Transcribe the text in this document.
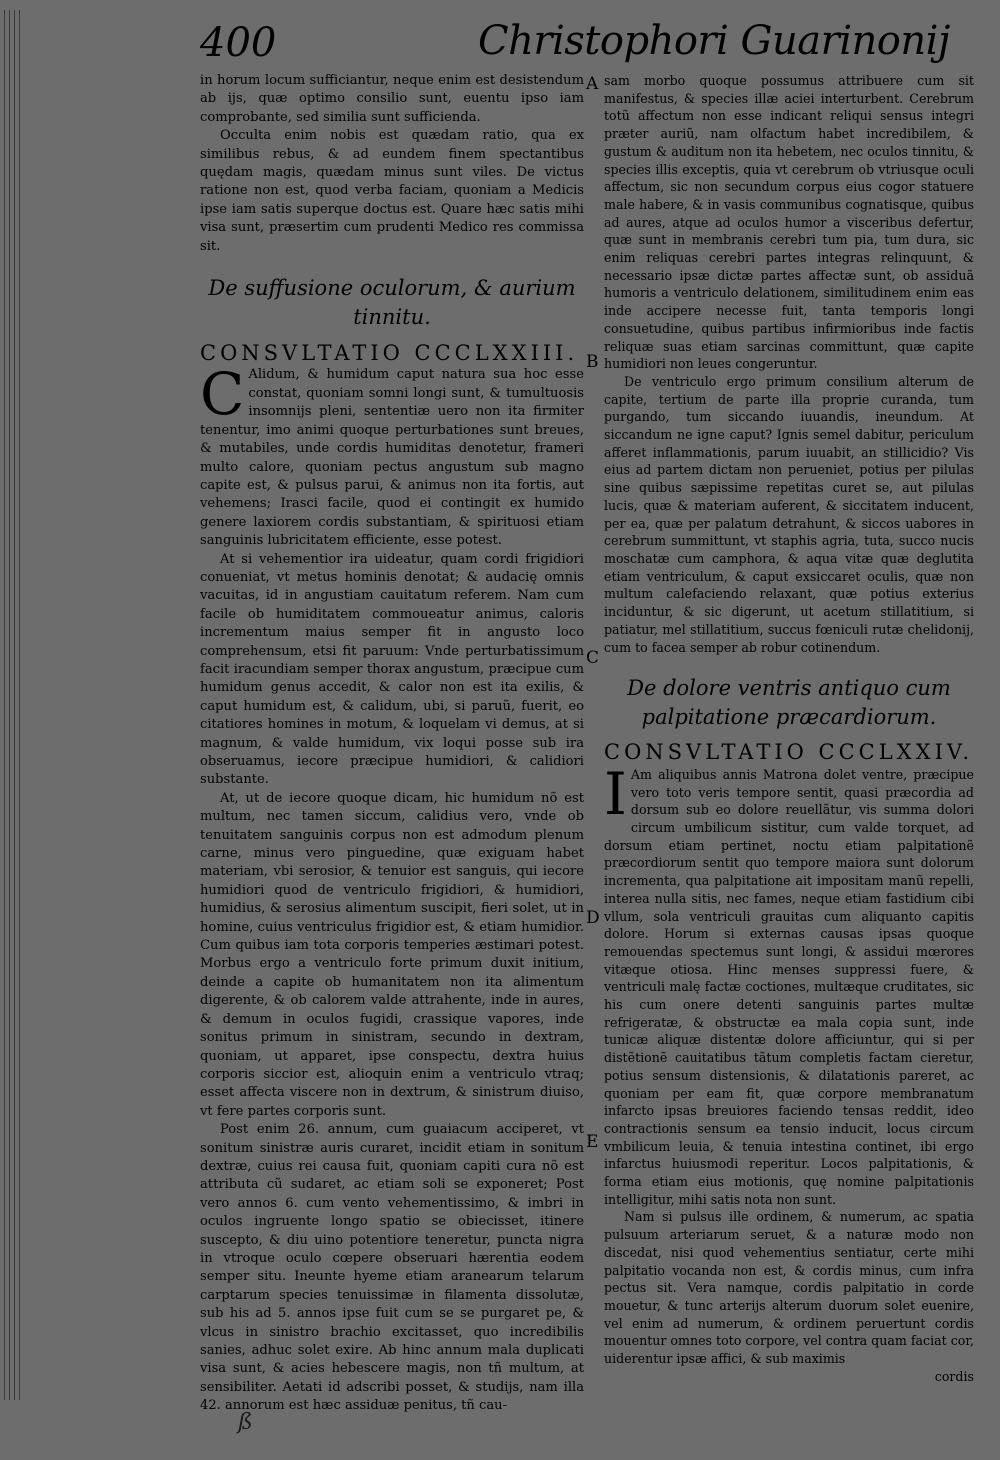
400	Christophori Guarinonij

in horum locum sufficiantur, neque enim est desistendum ab ijs, quæ optimo consilio sunt, euentu ipso iam comprobante, sed similia sunt sufficienda.

Occulta enim nobis est quædam ratio, qua ex similibus rebus, & ad eundem finem spectantibus quędam magis, quædam minus sunt viles. De victus ratione non est, quod verba faciam, quoniam a Medicis ipse iam satis superque doctus est. Quare hæc satis mihi visa sunt, præsertim cum prudenti Medico res commissa sit.

De suffusione oculorum, & aurium tinnitu.
CONSVLTATIO CCCLXXIII.

C Alidum, & humidum caput natura sua hoc esse constat, quoniam somni longi sunt, & tumultuosis insomnijs pleni, sententiæ uero non ita firmiter tenentur, imo animi quoque perturbationes sunt breues, & mutabiles, unde cordis humiditas denotetur, frameri multo calore, quoniam pectus angustum sub magno capite est, & pulsus parui, & animus non ita fortis, aut vehemens; Irasci facile, quod ei contingit ex humido genere laxiorem cordis substantiam, & spirituosi etiam sanguinis lubricitatem efficiente, esse potest.

At si vehementior ira uideatur, quam cordi frigidiori conueniat, vt metus hominis denotat; & audacię omnis vacuitas, id in angustiam cauitatum referem. Nam cum facile ob humiditatem commoueatur animus, caloris incrementum maius semper fit in angusto loco comprehensum, etsi fit paruum: Vnde perturbatissimum facit iracundiam semper thorax angustum, præcipue cum humidum genus accedit, & calor non est ita exilis, & caput humidum est, & calidum, ubi, si paruũ, fuerit, eo citatiores homines in motum, & loquelam vi demus, at si magnum, & valde humidum, vix loqui posse sub ira obseruamus, iecore præcipue humidiori, & calidiori substante.

At, ut de iecore quoque dicam, hic humidum nõ est multum, nec tamen siccum, calidius vero, vnde ob tenuitatem sanguinis corpus non est admodum plenum carne, minus vero pinguedine, quæ exiguam habet materiam, vbi serosior, & tenuior est sanguis, qui iecore humidiori quod de ventriculo frigidiori, & humidiori, humidius, & serosius alimentum suscipit, fieri solet, ut in homine, cuius ventriculus frigidior est, & etiam humidior. Cum quibus iam tota corporis temperies æstimari potest. Morbus ergo a ventriculo forte primum duxit initium, deinde a capite ob humanitatem non ita alimentum digerente, & ob calorem valde attrahente, inde in aures, & demum in oculos fugidi, crassique vapores, inde sonitus primum in sinistram, secundo in dextram, quoniam, ut apparet, ipse conspectu, dextra huius corporis siccior est, alioquin enim a ventriculo vtraq; esset affecta viscere non in dextrum, & sinistrum diuiso, vt fere partes corporis sunt.

Post enim 26. annum, cum guaiacum acciperet, vt sonitum sinistræ auris curaret, incidit etiam in sonitum dextræ, cuius rei causa fuit, quoniam capiti cura nõ est attributa cũ sudaret, ac etiam soli se exponeret; Post vero annos 6. cum vento vehementissimo, & imbri in oculos ingruente longo spatio se obiecisset, itinere suscepto, & diu uino potentiore teneretur, puncta nigra in vtroque oculo cœpere obseruari hærentia eodem semper situ. Ineunte hyeme etiam aranearum telarum carptarum species tenuissimæ in filamenta dissolutæ, sub his ad 5. annos ipse fuit cum se se purgaret pe, & vlcus in sinistro brachio excitasset, quo incredibilis sanies, adhuc solet exire. Ab hinc annum mala duplicati visa sunt, & acies hebescere magis, non tñ multum, at sensibiliter. Aetati id adscribi posset, & studijs, nam illa 42. annorum est hæc assiduæ penitus, tñ cau-

A
B
C
D
E

sam morbo quoque possumus attribuere cum sit manifestus, & species illæ aciei interturbent. Cerebrum totũ affectum non esse indicant reliqui sensus integri præter auriũ, nam olfactum habet incredibilem, & gustum & auditum non ita hebetem, nec oculos tinnitu, & species illis exceptis, quia vt cerebrum ob vtriusque oculi affectum, sic non secundum corpus eius cogor statuere male habere, & in vasis communibus cognatisque, quibus ad aures, atque ad oculos humor a visceribus defertur, quæ sunt in membranis cerebri tum pia, tum dura, sic enim reliquas cerebri partes integras relinquunt, & necessario ipsæ dictæ partes affectæ sunt, ob assiduã humoris a ventriculo delationem, similitudinem enim eas inde accipere necesse fuit, tanta temporis longi consuetudine, quibus partibus infirmioribus inde factis reliquæ suas etiam sarcinas committunt, quæ capite humidiori non leues congeruntur.

De ventriculo ergo primum consilium alterum de capite, tertium de parte illa proprie curanda, tum purgando, tum siccando iuuandis, ineundum. At siccandum ne igne caput? Ignis semel dabitur, periculum afferet inflammationis, parum iuuabit, an stillicidio? Vis eius ad partem dictam non perueniet, potius per pilulas sine quibus sæpissime repetitas curet se, aut pilulas lucis, quæ & materiam auferent, & siccitatem inducent, per ea, quæ per palatum detrahunt, & siccos uabores in cerebrum summittunt, vt staphis agria, tuta, succo nucis moschatæ cum camphora, & aqua vitæ quæ deglutita etiam ventriculum, & caput exsiccaret oculis, quæ non multum calefaciendo relaxant, quæ potius exterius inciduntur, & sic digerunt, ut acetum stillatitium, si patiatur, mel stillatitium, succus fœniculi rutæ chelidonij, cum to facea semper ab robur cotinendum.

De dolore ventris antiquo cum palpitatione præcardiorum.
CONSVLTATIO CCCLXXIV.

I Am aliquibus annis Matrona dolet ventre, præcipue vero toto veris tempore sentit, quasi præcordia ad dorsum sub eo dolore reuellãtur, vis summa dolori circum umbilicum sistitur, cum valde torquet, ad dorsum etiam pertinet, noctu etiam palpitationẽ præcordiorum sentit quo tempore maiora sunt dolorum incrementa, qua palpitatione ait impositam manũ repelli, interea nulla sitis, nec fames, neque etiam fastidium cibi vllum, sola ventriculi grauitas cum aliquanto capitis dolore. Horum si externas causas ipsas quoque remouendas spectemus sunt longi, & assidui mœrores vitæque otiosa. Hinc menses suppressi fuere, & ventriculi malę factæ coctiones, multæque cruditates, sic his cum onere detenti sanguinis partes multæ refrigeratæ, & obstructæ ea mala copia sunt, inde tunicæ aliquæ distentæ dolore afficiuntur, qui si per distẽtionẽ cauitatibus tãtum completis factam cieretur, potius sensum distensionis, & dilatationis pareret, ac quoniam per eam fit, quæ corpore membranatum infarcto ipsas breuiores faciendo tensas reddit, ideo contractionis sensum ea tensio inducit, locus circum vmbilicum leuia, & tenuia intestina continet, ibi ergo infarctus huiusmodi reperitur. Locos palpitationis, & forma etiam eius motionis, quę nomine palpitationis intelligitur, mihi satis nota non sunt.

Nam si pulsus ille ordinem, & numerum, ac spatia pulsuum arteriarum seruet, & a naturæ modo non discedat, nisi quod vehementius sentiatur, certe mihi palpitatio vocanda non est, & cordis minus, cum infra pectus sit. Vera namque, cordis palpitatio in corde mouetur, & tunc arterijs alterum duorum solet euenire, vel enim ad numerum, & ordinem peruertunt cordis mouentur omnes toto corpore, vel contra quam faciat cor, uiderentur ipsæ affici, & sub maximis

cordis

ß
